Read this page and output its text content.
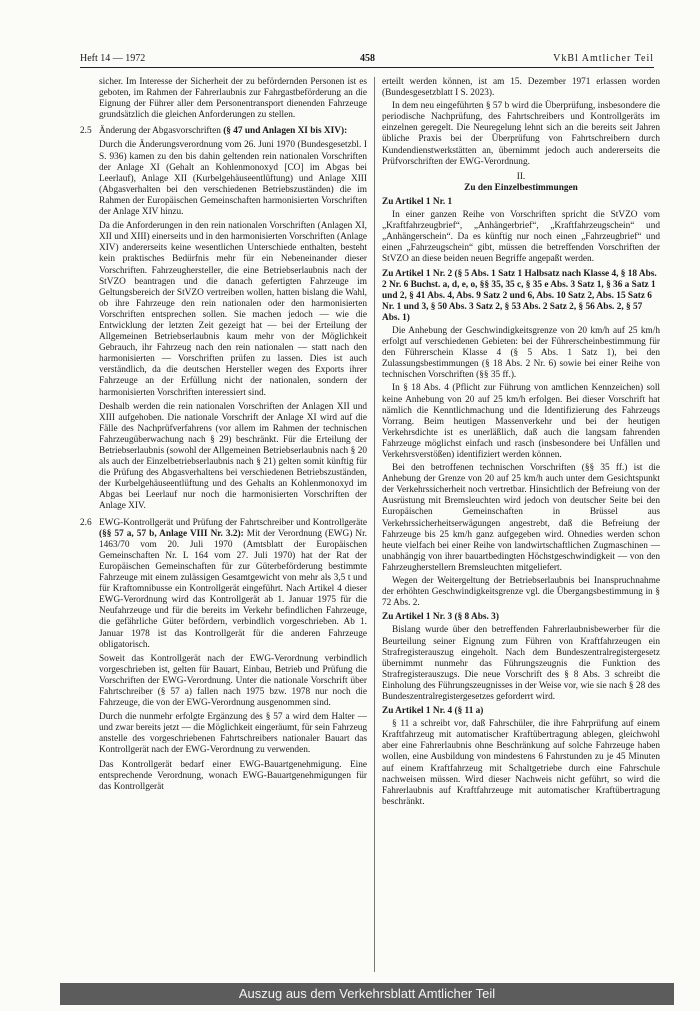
Heft 14 — 1972	458	VkBl Amtlicher Teil

sicher. Im Interesse der Sicherheit der zu befördernden Personen ist es geboten, im Rahmen der Fahrerlaubnis zur Fahrgastbeförderung an die Eignung der Führer aller dem Personentransport dienenden Fahrzeuge grundsätzlich die gleichen Anforderungen zu stellen.

2.5 Änderung der Abgasvorschriften (§ 47 und Anlagen XI bis XIV):

Durch die Änderungsverordnung vom 26. Juni 1970 (Bundesgesetzbl. I S. 936) kamen zu den bis dahin geltenden rein nationalen Vorschriften der Anlage XI (Gehalt an Kohlenmonoxyd [CO] im Abgas bei Leerlauf), Anlage XII (Kurbelgehäuseentlüftung) und Anlage XIII (Abgasverhalten bei den verschiedenen Betriebszuständen) die im Rahmen der Europäischen Gemeinschaften harmonisierten Vorschriften der Anlage XIV hinzu.

Da die Anforderungen in den rein nationalen Vorschriften (Anlagen XI, XII und XIII) einerseits und in den harmonisierten Vorschriften (Anlage XIV) andererseits keine wesentlichen Unterschiede enthalten, besteht kein praktisches Bedürfnis mehr für ein Nebeneinander dieser Vorschriften. Fahrzeughersteller, die eine Betriebserlaubnis nach der StVZO beantragen und die danach gefertigten Fahrzeuge im Geltungsbereich der StVZO vertreiben wollen, hatten bislang die Wahl, ob ihre Fahrzeuge den rein nationalen oder den harmonisierten Vorschriften entsprechen sollen. Sie machen jedoch — wie die Entwicklung der letzten Zeit gezeigt hat — bei der Erteilung der Allgemeinen Betriebserlaubnis kaum mehr von der Möglichkeit Gebrauch, ihr Fahrzeug nach den rein nationalen — statt nach den harmonisierten — Vorschriften prüfen zu lassen. Dies ist auch verständlich, da die deutschen Hersteller wegen des Exports ihrer Fahrzeuge an der Erfüllung nicht der nationalen, sondern der harmonisierten Vorschriften interessiert sind.

Deshalb werden die rein nationalen Vorschriften der Anlagen XII und XIII aufgehoben. Die nationale Vorschrift der Anlage XI wird auf die Fälle des Nachprüfverfahrens (vor allem im Rahmen der technischen Fahrzeugüberwachung nach § 29) beschränkt. Für die Erteilung der Betriebserlaubnis (sowohl der Allgemeinen Betriebserlaubnis nach § 20 als auch der Einzelbetriebserlaubnis nach § 21) gelten somit künftig für die Prüfung des Abgasverhaltens bei verschiedenen Betriebszuständen, der Kurbelgehäuseentlüftung und des Gehalts an Kohlenmonoxyd im Abgas bei Leerlauf nur noch die harmonisierten Vorschriften der Anlage XIV.

2.6 EWG-Kontrollgerät und Prüfung der Fahrtschreiber und Kontrollgeräte (§§ 57 a, 57 b, Anlage VIII Nr. 3.2): Mit der Verordnung (EWG) Nr. 1463/70 vom 20. Juli 1970 (Amtsblatt der Europäischen Gemeinschaften Nr. L 164 vom 27. Juli 1970) hat der Rat der Europäischen Gemeinschaften für zur Güterbeförderung bestimmte Fahrzeuge mit einem zulässigen Gesamtgewicht von mehr als 3,5 t und für Kraftomnibusse ein Kontrollgerät eingeführt. Nach Artikel 4 dieser EWG-Verordnung wird das Kontrollgerät ab 1. Januar 1975 für die Neufahrzeuge und für die bereits im Verkehr befindlichen Fahrzeuge, die gefährliche Güter befördern, verbindlich vorgeschrieben. Ab 1. Januar 1978 ist das Kontrollgerät für die anderen Fahrzeuge obligatorisch.

Soweit das Kontrollgerät nach der EWG-Verordnung verbindlich vorgeschrieben ist, gelten für Bauart, Einbau, Betrieb und Prüfung die Vorschriften der EWG-Verordnung. Unter die nationale Vorschrift über Fahrtschreiber (§ 57 a) fallen nach 1975 bzw. 1978 nur noch die Fahrzeuge, die von der EWG-Verordnung ausgenommen sind.

Durch die nunmehr erfolgte Ergänzung des § 57 a wird dem Halter — und zwar bereits jetzt — die Möglichkeit eingeräumt, für sein Fahrzeug anstelle des vorgeschriebenen Fahrtschreibers nationaler Bauart das Kontrollgerät nach der EWG-Verordnung zu verwenden.

Das Kontrollgerät bedarf einer EWG-Bauartgenehmigung. Eine entsprechende Verordnung, wonach EWG-Bauartgenehmigungen für das Kontrollgerät

erteilt werden können, ist am 15. Dezember 1971 erlassen worden (Bundesgesetzblatt I S. 2023).

In dem neu eingeführten § 57 b wird die Überprüfung, insbesondere die periodische Nachprüfung, des Fahrtschreibers und Kontrollgeräts im einzelnen geregelt. Die Neuregelung lehnt sich an die bereits seit Jahren übliche Praxis bei der Überprüfung von Fahrtschreibern durch Kundendienstwerkstätten an, übernimmt jedoch auch andererseits die Prüfvorschriften der EWG-Verordnung.

II.

Zu den Einzelbestimmungen

Zu Artikel 1 Nr. 1

In einer ganzen Reihe von Vorschriften spricht die StVZO vom „Kraftfahrzeugbrief“, „Anhängerbrief“, „Kraftfahrzeugschein“ und „Anhängerschein“. Da es künftig nur noch einen „Fahrzeugbrief“ und einen „Fahrzeugschein“ gibt, müssen die betreffenden Vorschriften der StVZO an diese beiden neuen Begriffe angepaßt werden.

Zu Artikel 1 Nr. 2 (§ 5 Abs. 1 Satz 1 Halbsatz nach Klasse 4, § 18 Abs. 2 Nr. 6 Buchst. a, d, e, o, §§ 35, 35 c, § 35 e Abs. 3 Satz 1, § 36 a Satz 1 und 2, § 41 Abs. 4, Abs. 9 Satz 2 und 6, Abs. 10 Satz 2, Abs. 15 Satz 6 Nr. 1 und 3, § 50 Abs. 3 Satz 2, § 53 Abs. 2 Satz 2, § 56 Abs. 2, § 57 Abs. 1)

Die Anhebung der Geschwindigkeitsgrenze von 20 km/h auf 25 km/h erfolgt auf verschiedenen Gebieten: bei der Führerscheinbestimmung für den Führerschein Klasse 4 (§ 5 Abs. 1 Satz 1), bei den Zulassungsbestimmungen (§ 18 Abs. 2 Nr. 6) sowie bei einer Reihe von technischen Vorschriften (§§ 35 ff.).

In § 18 Abs. 4 (Pflicht zur Führung von amtlichen Kennzeichen) soll keine Anhebung von 20 auf 25 km/h erfolgen. Bei dieser Vorschrift hat nämlich die Kenntlichmachung und die Identifizierung des Fahrzeugs Vorrang. Beim heutigen Massenverkehr und bei der heutigen Verkehrsdichte ist es unerläßlich, daß auch die langsam fahrenden Fahrzeuge möglichst einfach und rasch (insbesondere bei Unfällen und Verkehrsverstößen) identifiziert werden können.

Bei den betroffenen technischen Vorschriften (§§ 35 ff.) ist die Anhebung der Grenze von 20 auf 25 km/h auch unter dem Gesichtspunkt der Verkehrssicherheit noch vertretbar. Hinsichtlich der Befreiung von der Ausrüstung mit Bremsleuchten wird jedoch von deutscher Seite bei den Europäischen Gemeinschaften in Brüssel aus Verkehrssicherheitserwägungen angestrebt, daß die Befreiung der Fahrzeuge bis 25 km/h ganz aufgegeben wird. Ohnedies werden schon heute vielfach bei einer Reihe von landwirtschaftlichen Zugmaschinen — unabhängig von ihrer bauartbedingten Höchstgeschwindigkeit — von den Fahrzeugherstellern Bremsleuchten mitgeliefert.

Wegen der Weitergeltung der Betriebserlaubnis bei Inanspruchnahme der erhöhten Geschwindigkeitsgrenze vgl. die Übergangsbestimmung in § 72 Abs. 2.

Zu Artikel 1 Nr. 3 (§ 8 Abs. 3)

Bislang wurde über den betreffenden Fahrerlaubnisbewerber für die Beurteilung seiner Eignung zum Führen von Kraftfahrzeugen ein Strafregisterauszug eingeholt. Nach dem Bundeszentralregistergesetz übernimmt nunmehr das Führungszeugnis die Funktion des Strafregisterauszugs. Die neue Vorschrift des § 8 Abs. 3 schreibt die Einholung des Führungszeugnisses in der Weise vor, wie sie nach § 28 des Bundeszentralregistergesetzes geforderrt wird.

Zu Artikel 1 Nr. 4 (§ 11 a)

§ 11 a schreibt vor, daß Fahrschüler, die ihre Fahrprüfung auf einem Kraftfahrzeug mit automatischer Kraftübertragung ablegen, gleichwohl aber eine Fahrerlaubnis ohne Beschränkung auf solche Fahrzeuge haben wollen, eine Ausbildung von mindestens 6 Fahrstunden zu je 45 Minuten auf einem Kraftfahrzeug mit Schaltgetriebe durch eine Fahrschule nachweisen müssen. Wird dieser Nachweis nicht geführt, so wird die Fahrerlaubnis auf Kraftfahrzeuge mit automatischer Kraftübertragung beschränkt.

Auszug aus dem Verkehrsblatt Amtlicher Teil
